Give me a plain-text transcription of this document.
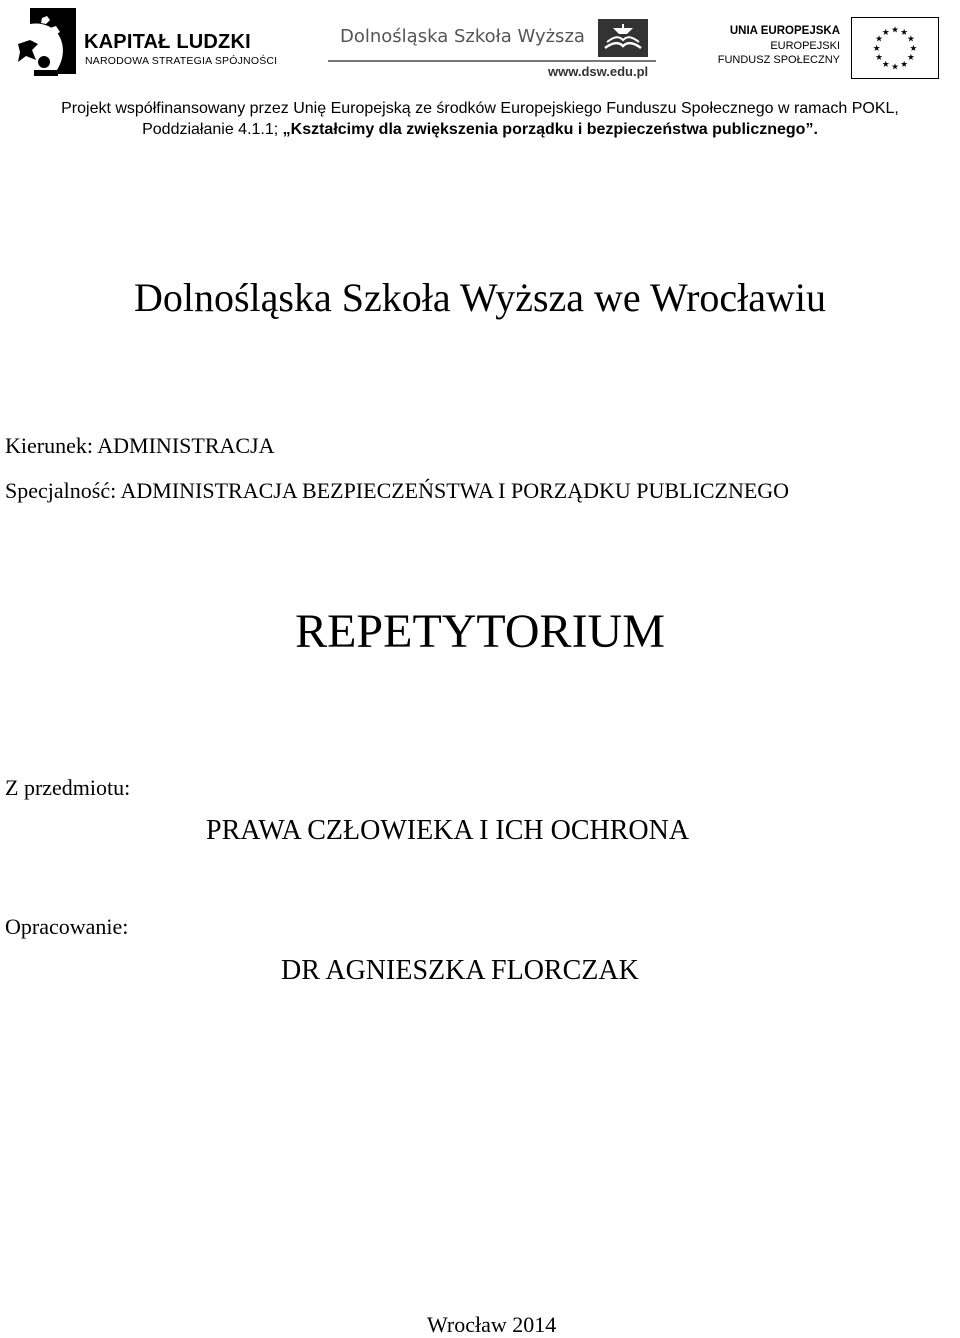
KAPITAŁ LUDZKI
NARODOWA STRATEGIA SPÓJNOŚCI
Dolnośląska Szkoła Wyższa
www.dsw.edu.pl
UNIA EUROPEJSKA
EUROPEJSKI
FUNDUSZ SPOŁECZNY
★ ★
★
★
★
★
★
★
★
★
★
★
Projekt współfinansowany przez Unię Europejską ze środków Europejskiego Funduszu Społecznego w ramach POKL,
Poddziałanie 4.1.1; „Kształcimy dla zwiększenia porządku i bezpieczeństwa publicznego”.
Dolnośląska Szkoła Wyższa we Wrocławiu
Kierunek: ADMINISTRACJA
Specjalność: ADMINISTRACJA BEZPIECZEŃSTWA I PORZĄDKU PUBLICZNEGO
REPETYTORIUM
Z przedmiotu:
PRAWA CZŁOWIEKA I ICH OCHRONA
Opracowanie:
DR AGNIESZKA FLORCZAK
Wrocław 2014
